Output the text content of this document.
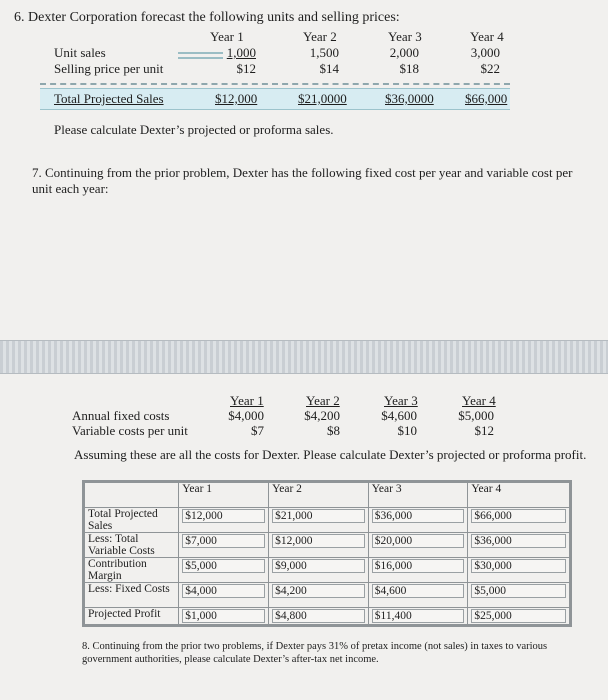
6. Dexter Corporation forecast the following units and selling prices:
Year 1	Year 2	Year 3	Year 4
Unit sales	1,000	1,500	2,000	3,000
Selling price per unit	$12	$14	$18	$22
Total Projected Sales	$12,000	$21,0000	$36,0000 $66,000
Please calculate Dexter’s projected or proforma sales.
7. Continuing from the prior problem, Dexter has the following fixed cost per year and variable cost per unit each year:
Year 1	Year 2	Year 3	Year 4
Annual fixed costs	$4,000	$4,200	$4,600	$5,000
Variable costs per unit	$7	$8	$10	$12
Assuming these are all the costs for Dexter. Please calculate Dexter’s projected or proforma profit.
	Year 1	Year 2	Year 3	Year 4
Total Projected Sales	$12,000	$21,000	$36,000	$66,000

Less: Total Variable Costs	$7,000	$12,000	$20,000	$36,000

Contribution Margin	$5,000	$9,000	$16,000	$30,000

Less: Fixed Costs	$4,000	$4,200	$4,600	$5,000

Projected Profit	$1,000	$4,800	$11,400	$25,000
8. Continuing from the prior two problems, if Dexter pays 31% of pretax income (not sales) in taxes to various government authorities, please calculate Dexter’s after-tax net income.
